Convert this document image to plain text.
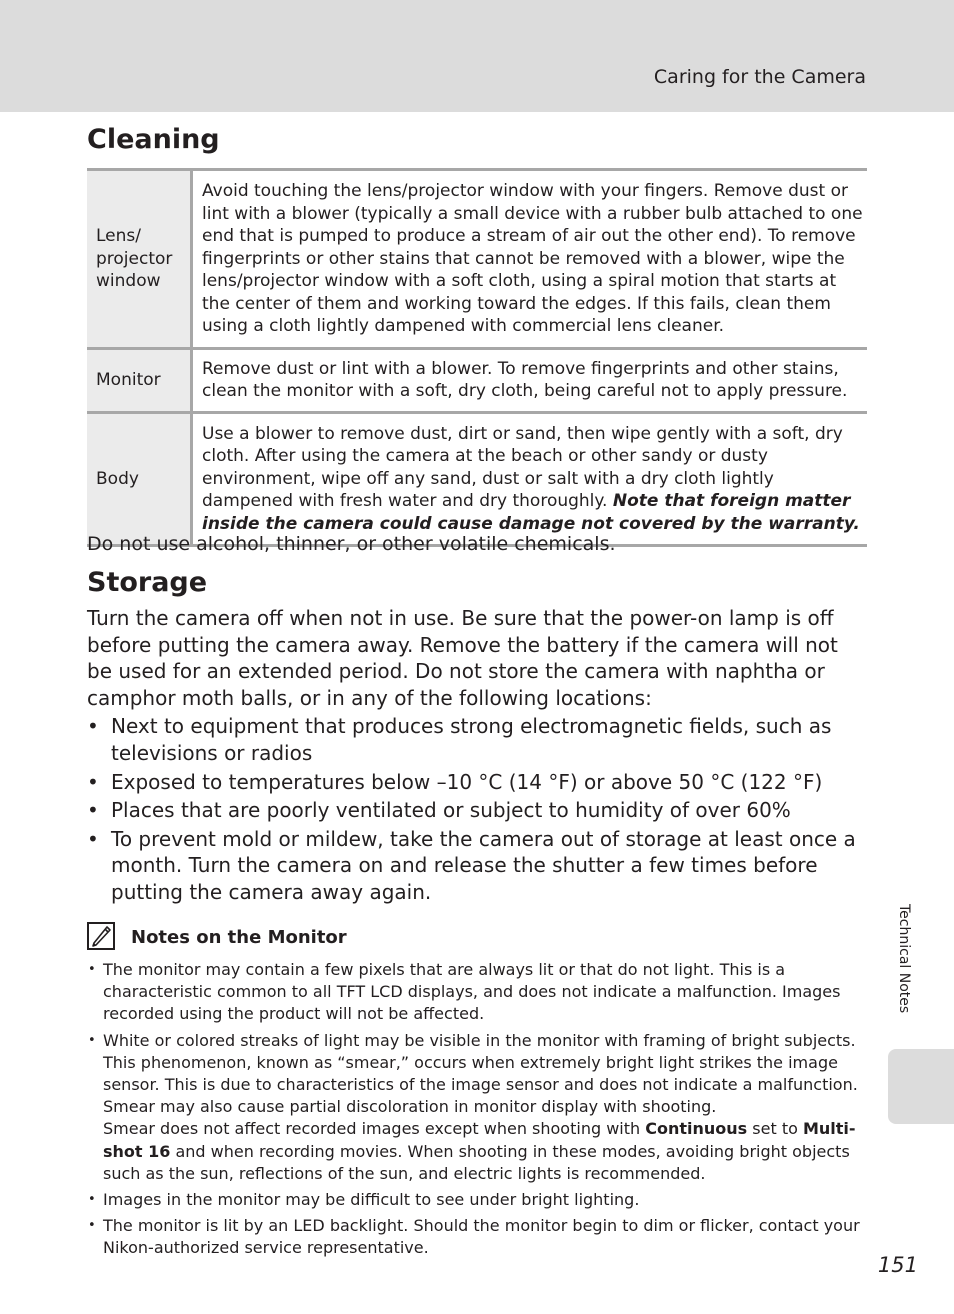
Caring for the Camera
Cleaning
Lens/ projector window	Avoid touching the lens/projector window with your fingers. Remove dust or lint with a blower (typically a small device with a rubber bulb attached to one end that is pumped to produce a stream of air out the other end). To remove fingerprints or other stains that cannot be removed with a blower, wipe the lens/projector window with a soft cloth, using a spiral motion that starts at the center of them and working toward the edges. If this fails, clean them using a cloth lightly dampened with commercial lens cleaner.
Monitor	Remove dust or lint with a blower. To remove fingerprints and other stains, clean the monitor with a soft, dry cloth, being careful not to apply pressure.
Body	Use a blower to remove dust, dirt or sand, then wipe gently with a soft, dry cloth. After using the camera at the beach or other sandy or dusty environment, wipe off any sand, dust or salt with a dry cloth lightly dampened with fresh water and dry thoroughly. Note that foreign matter inside the camera could cause damage not covered by the warranty.
Do not use alcohol, thinner, or other volatile chemicals.
Storage

Turn the camera off when not in use. Be sure that the power-on lamp is off before putting the camera away. Remove the battery if the camera will not be used for an extended period. Do not store the camera with naphtha or camphor moth balls, or in any of the following locations:

• Next to equipment that produces strong electromagnetic fields, such as televisions or radios
• Exposed to temperatures below –10 °C (14 °F) or above 50 °C (122 °F)
• Places that are poorly ventilated or subject to humidity of over 60%
• To prevent mold or mildew, take the camera out of storage at least once a month. Turn the camera on and release the shutter a few times before putting the camera away again.
Notes on the Monitor
• The monitor may contain a few pixels that are always lit or that do not light. This is a characteristic common to all TFT LCD displays, and does not indicate a malfunction. Images recorded using the product will not be affected.
• White or colored streaks of light may be visible in the monitor with framing of bright subjects. This phenomenon, known as “smear,” occurs when extremely bright light strikes the image sensor. This is due to characteristics of the image sensor and does not indicate a malfunction. Smear may also cause partial discoloration in monitor display with shooting.
Smear does not affect recorded images except when shooting with Continuous set to Multi-shot 16 and when recording movies. When shooting in these modes, avoiding bright objects such as the sun, reflections of the sun, and electric lights is recommended.
• Images in the monitor may be difficult to see under bright lighting.
• The monitor is lit by an LED backlight. Should the monitor begin to dim or flicker, contact your Nikon-authorized service representative.
Technical Notes
151
